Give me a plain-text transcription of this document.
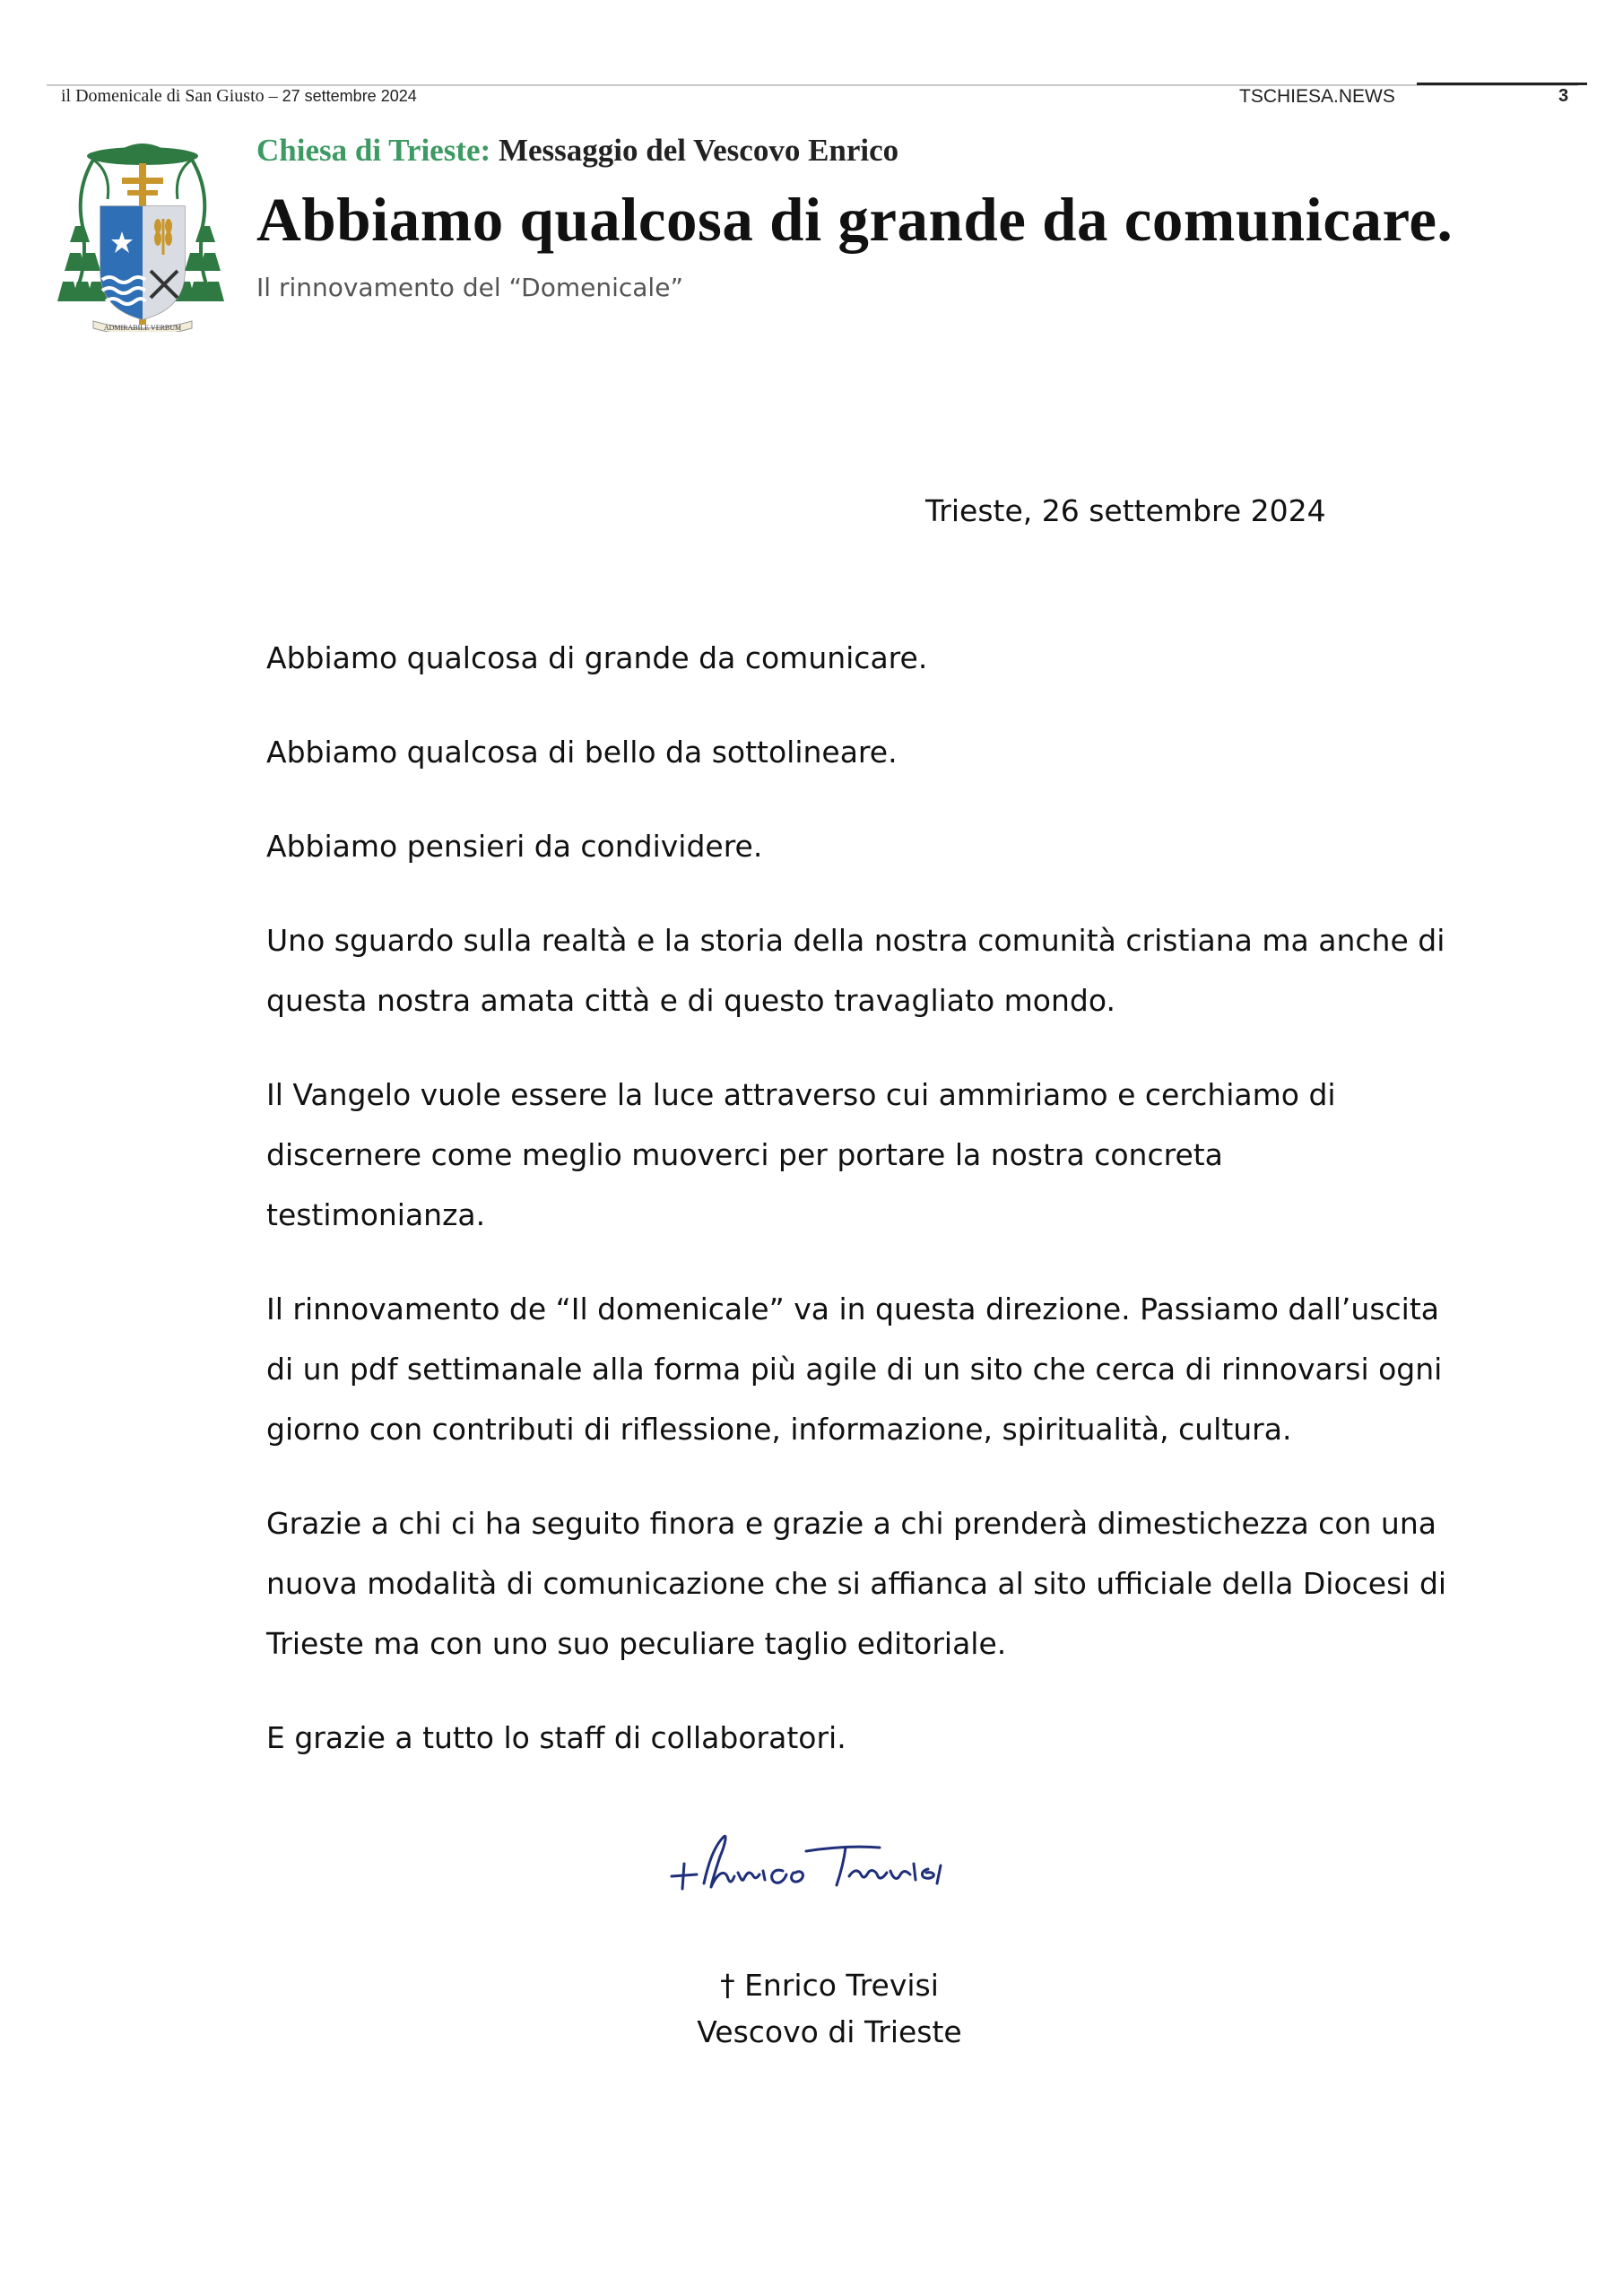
il Domenicale di San Giusto – 27 settembre 2024	TSCHIESA.NEWS	3
ADMIRABILE VERBUM
Chiesa di Trieste: Messaggio del Vescovo Enrico
Abbiamo qualcosa di grande da comunicare.
Il rinnovamento del “Domenicale”
Trieste, 26 settembre 2024

Abbiamo qualcosa di grande da comunicare.

Abbiamo qualcosa di bello da sottolineare.

Abbiamo pensieri da condividere.

Uno sguardo sulla realtà e la storia della nostra comunità cristiana ma anche di
questa nostra amata città e di questo travagliato mondo.

Il Vangelo vuole essere la luce attraverso cui ammiriamo e cerchiamo di
discernere come meglio muoverci per portare la nostra concreta
testimonianza.

Il rinnovamento de “Il domenicale” va in questa direzione. Passiamo dall’uscita
di un pdf settimanale alla forma più agile di un sito che cerca di rinnovarsi ogni
giorno con contributi di riflessione, informazione, spiritualità, cultura.

Grazie a chi ci ha seguito finora e grazie a chi prenderà dimestichezza con una
nuova modalità di comunicazione che si affianca al sito ufficiale della Diocesi di
Trieste ma con uno suo peculiare taglio editoriale.

E grazie a tutto lo staff di collaboratori.

† Enrico Trevisi
Vescovo di Trieste
